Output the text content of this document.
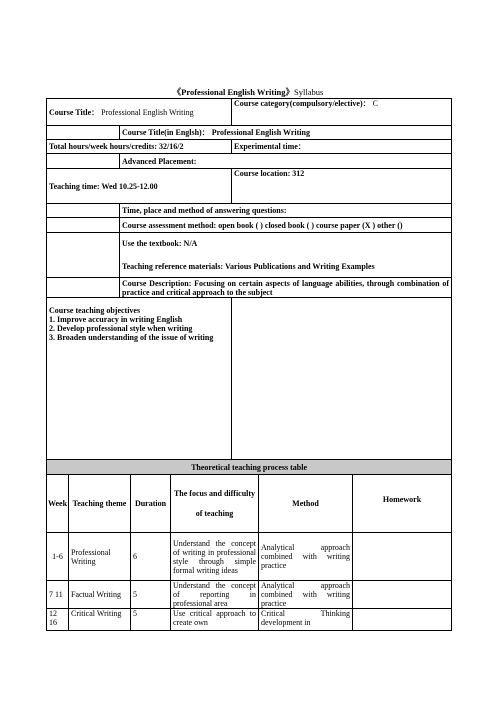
《Professional English Writing》Syllabus
Course Title： Professional English Writing		Course category(compulsory/elective)： C
	Course Title(in Englsh)： Professional English Writing	
Total hours/week hours/credits: 32/16/2		Experimental time：
	Advanced Placement:	
Teaching time: Wed 10.25-12.00		Course location: 312
	Time, place and method of answering questions:	
	Course assessment method: open book ( ) closed book ( ) course paper (X ) other ()	

	Use the textbook: N/A
Teaching reference materials: Various Publications and Writing Examples	

	Course Description: Focusing on certain aspects of language abilities, through combination of practice and critical approach to the subject	

Course teaching objectives
1. Improve accuracy in writing English
2. Develop professional style when writing
3. Broaden understanding of the issue of writing		

Theoretical teaching process table					
Week	Teaching theme	Duration	The focus and difficulty of teaching	Method	Homework
1-6	Professional Writing	6	Understand the concept of writing in professional style through simple formal writing ideas	Analytical approach combined with writing practice	
7 11	Factual Writing	5	Understand the concept of reporting in professional area	Analytical approach combined with writing practice	
12 16	Critical Writing	5	Use critical approach to create own	Critical Thinking development in	
